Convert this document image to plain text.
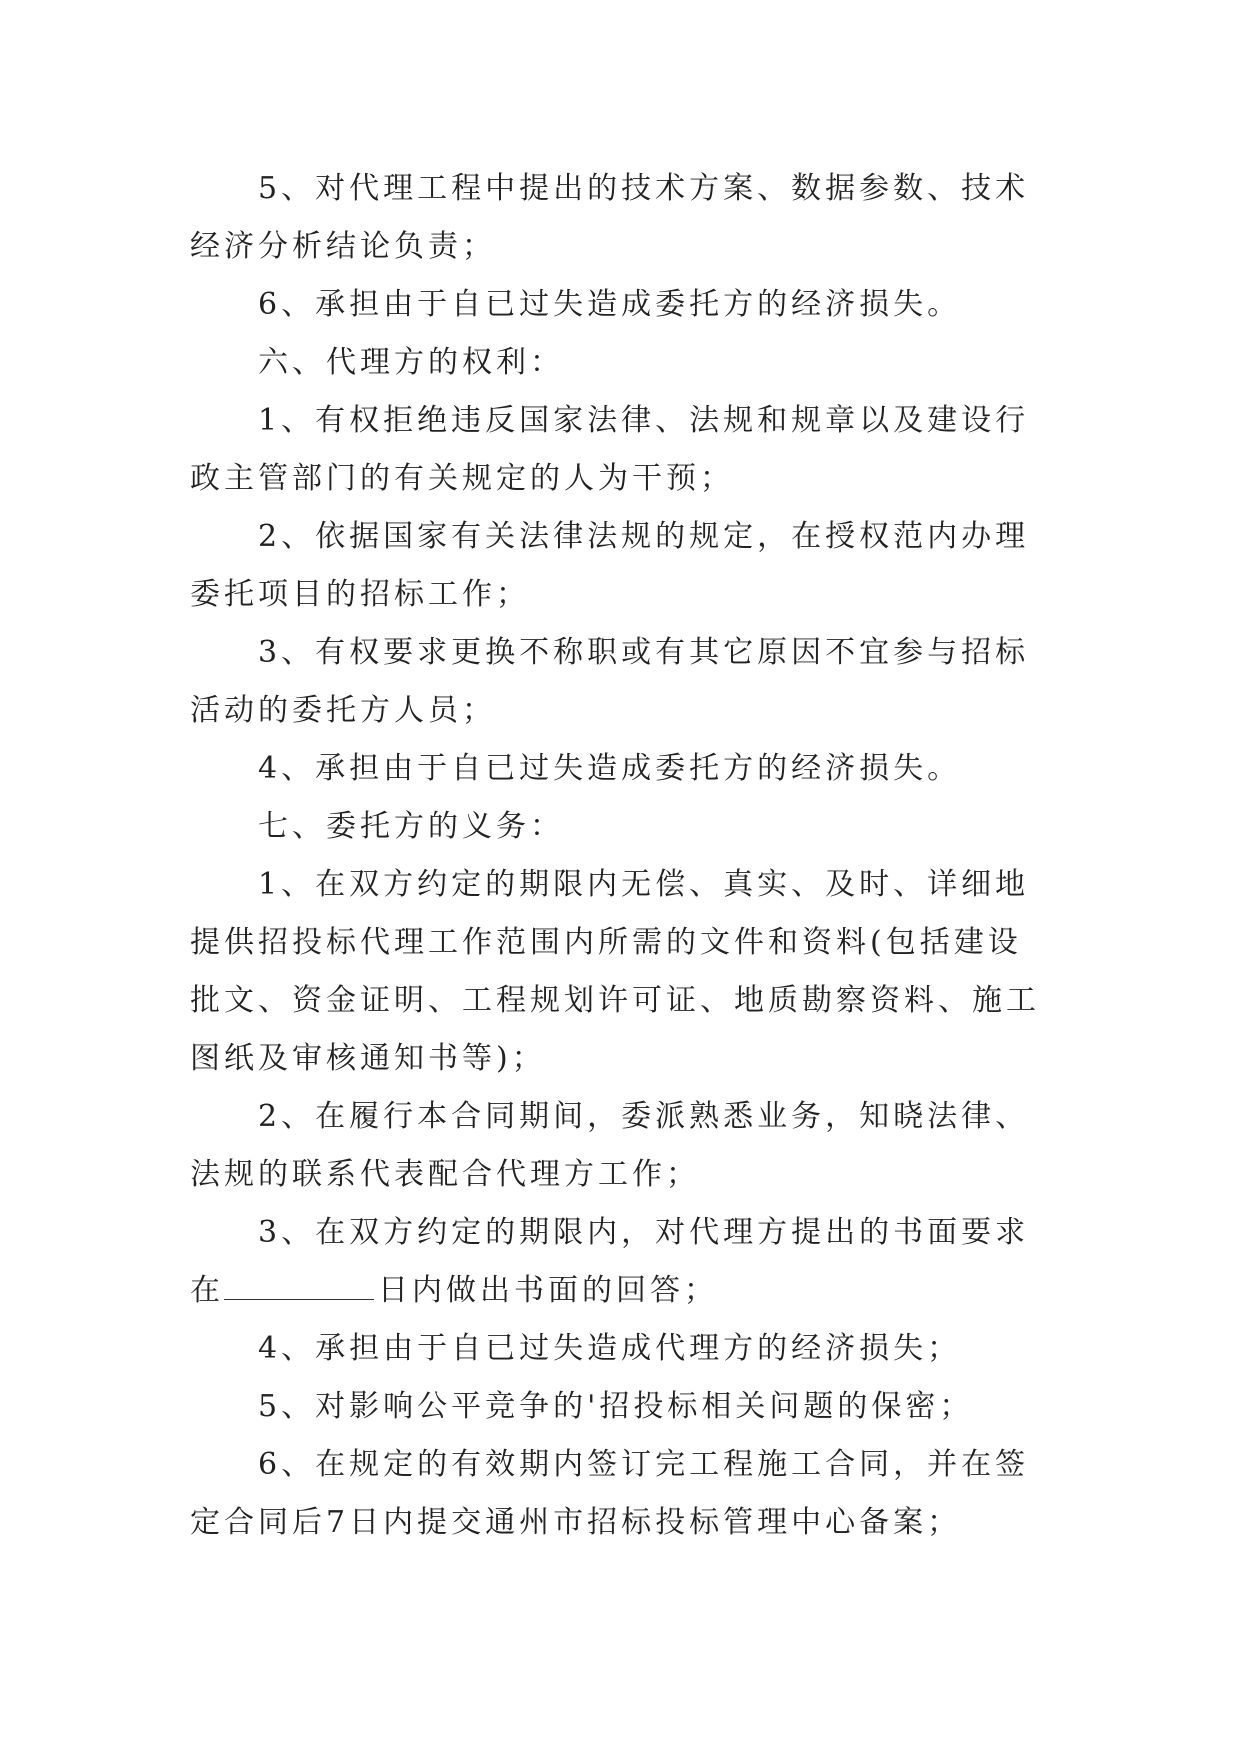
5、对代理工程中提出的技术方案、数据参数、技术经济分析结论负责；

6、承担由于自已过失造成委托方的经济损失。

六、代理方的权利：

1、有权拒绝违反国家法律、法规和规章以及建设行政主管部门的有关规定的人为干预；

2、依据国家有关法律法规的规定，在授权范内办理委托项目的招标工作；

3、有权要求更换不称职或有其它原因不宜参与招标活动的委托方人员；

4、承担由于自已过失造成委托方的经济损失。

七、委托方的义务：

1、在双方约定的期限内无偿、真实、及时、详细地提供招投标代理工作范围内所需的文件和资料(包括建设批文、资金证明、工程规划许可证、地质勘察资料、施工图纸及审核通知书等)；

2、在履行本合同期间，委派熟悉业务，知晓法律、法规的联系代表配合代理方工作；

3、在双方约定的期限内，对代理方提出的书面要求在	日内做出书面的回答；

4、承担由于自已过失造成代理方的经济损失；

5、对影响公平竞争的'招投标相关问题的保密；

6、在规定的有效期内签订完工程施工合同，并在签定合同后7日内提交通州市招标投标管理中心备案；
